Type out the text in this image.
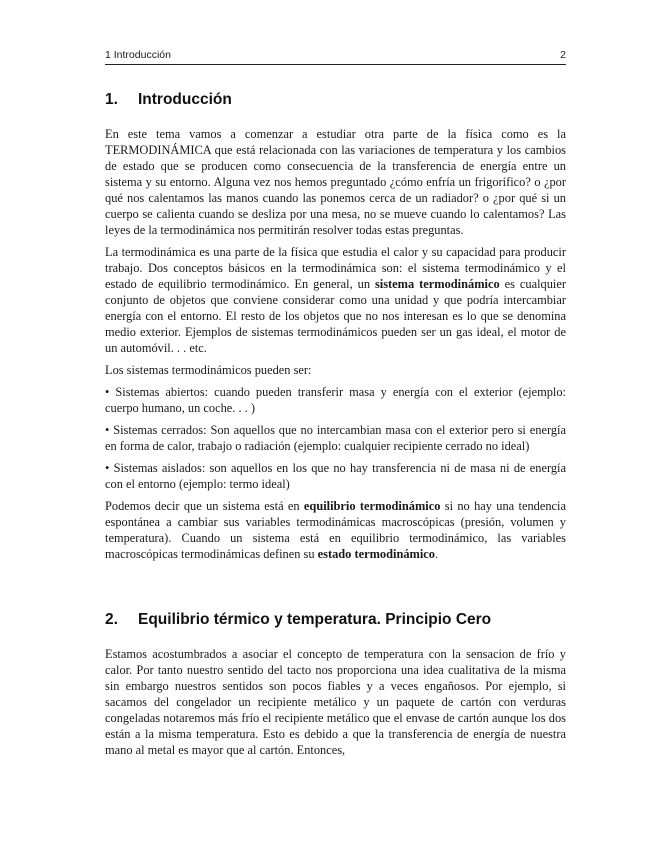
1 Introducción	2
1. Introducción

En este tema vamos a comenzar a estudiar otra parte de la física como es la TERMODINÁMICA que está relacionada con las variaciones de temperatura y los cambios de estado que se producen como consecuencia de la transferencia de energía entre un sistema y su entorno. Alguna vez nos hemos preguntado ¿cómo enfría un frigorífico? o ¿por qué nos calentamos las manos cuando las ponemos cerca de un radiador? o ¿por qué si un cuerpo se calienta cuando se desliza por una mesa, no se mueve cuando lo calentamos? Las leyes de la termodinámica nos permitirán resolver todas estas preguntas.

La termodinámica es una parte de la física que estudia el calor y su capacidad para producir trabajo. Dos conceptos básicos en la termodinámica son: el sistema termodinámico y el estado de equilibrio termodinámico. En general, un sistema termodinámico es cualquier conjunto de objetos que conviene considerar como una unidad y que podría intercambiar energía con el entorno. El resto de los objetos que no nos interesan es lo que se denomina medio exterior. Ejemplos de sistemas termodinámicos pueden ser un gas ideal, el motor de un automóvil. . . etc.

Los sistemas termodinámicos pueden ser:

• Sistemas abiertos: cuando pueden transferir masa y energía con el exterior (ejemplo: cuerpo humano, un coche. . . )

• Sistemas cerrados: Son aquellos que no intercambian masa con el exterior pero si energía en forma de calor, trabajo o radiación (ejemplo: cualquier recipiente cerrado no ideal)

• Sistemas aislados: son aquellos en los que no hay transferencia ni de masa ni de energía con el entorno (ejemplo: termo ideal)

Podemos decir que un sistema está en equilibrio termodinámico si no hay una tendencia espontánea a cambiar sus variables termodinámicas macroscópicas (presión, volumen y temperatura). Cuando un sistema está en equilibrio termodinámico, las variables macroscópicas termodinámicas definen su estado termodinámico.

2. Equilibrio térmico y temperatura. Principio Cero

Estamos acostumbrados a asociar el concepto de temperatura con la sensacion de frío y calor. Por tanto nuestro sentido del tacto nos proporciona una idea cualitativa de la misma sin embargo nuestros sentidos son pocos fiables y a veces engañosos. Por ejemplo, si sacamos del congelador un recipiente metálico y un paquete de cartón con verduras congeladas notaremos más frío el recipiente metálico que el envase de cartón aunque los dos están a la misma temperatura. Esto es debido a que la transferencia de energía de nuestra mano al metal es mayor que al cartón. Entonces,
